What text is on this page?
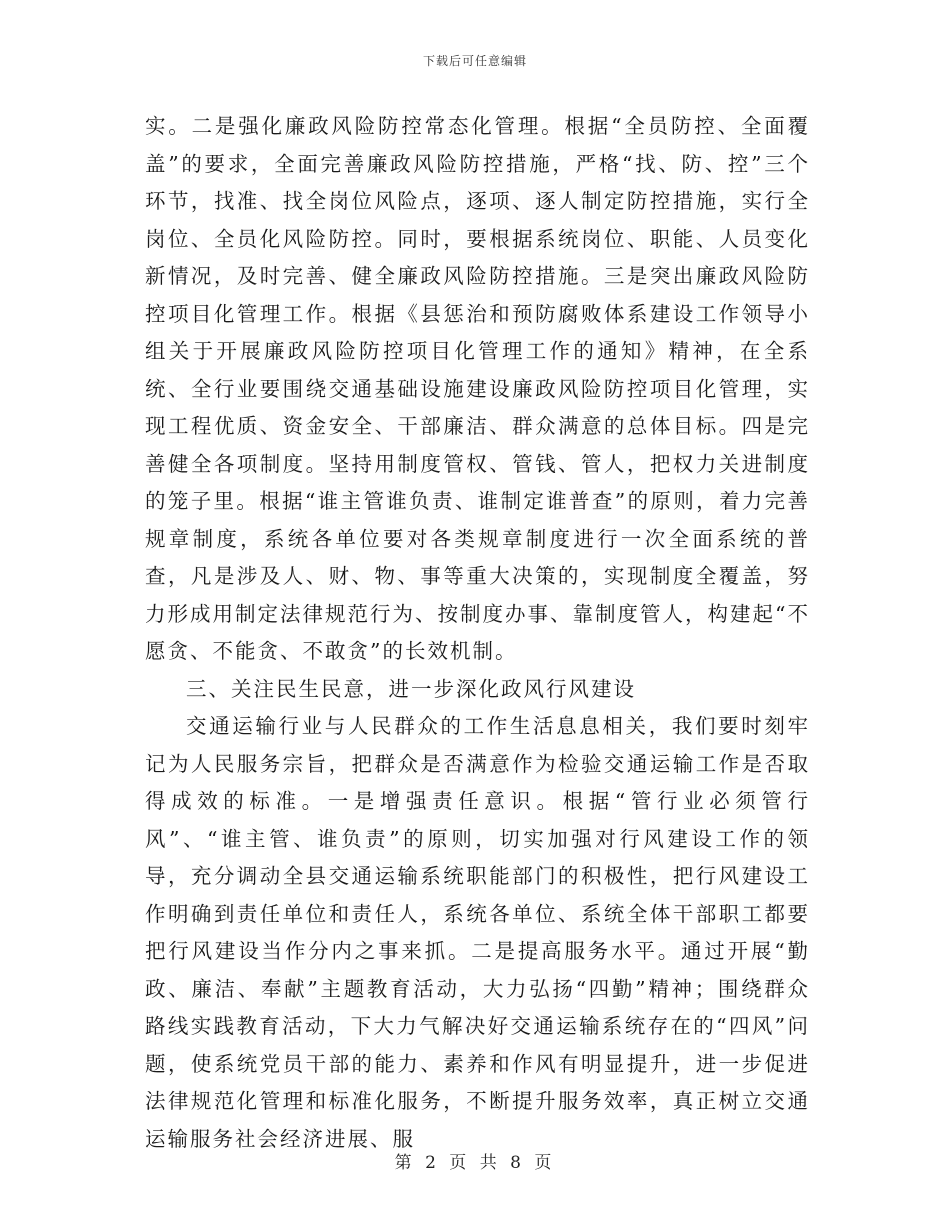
下载后可任意编辑

实。二是强化廉政风险防控常态化管理。根据“全员防控、全面覆盖”的要求，全面完善廉政风险防控措施，严格“找、防、控”三个环节，找准、找全岗位风险点，逐项、逐人制定防控措施，实行全岗位、全员化风险防控。同时，要根据系统岗位、职能、人员变化新情况，及时完善、健全廉政风险防控措施。三是突出廉政风险防控项目化管理工作。根据《县惩治和预防腐败体系建设工作领导小组关于开展廉政风险防控项目化管理工作的通知》精神，在全系统、全行业要围绕交通基础设施建设廉政风险防控项目化管理，实现工程优质、资金安全、干部廉洁、群众满意的总体目标。四是完善健全各项制度。坚持用制度管权、管钱、管人，把权力关进制度的笼子里。根据“谁主管谁负责、谁制定谁普查”的原则，着力完善规章制度，系统各单位要对各类规章制度进行一次全面系统的普查，凡是涉及人、财、物、事等重大决策的，实现制度全覆盖，努力形成用制定法律规范行为、按制度办事、靠制度管人，构建起“不愿贪、不能贪、不敢贪”的长效机制。

三、关注民生民意，进一步深化政风行风建设

交通运输行业与人民群众的工作生活息息相关，我们要时刻牢记为人民服务宗旨，把群众是否满意作为检验交通运输工作是否取得成效的标准。一是增强责任意识。根据“管行业必须管行风”、“谁主管、谁负责”的原则，切实加强对行风建设工作的领导，充分调动全县交通运输系统职能部门的积极性，把行风建设工作明确到责任单位和责任人，系统各单位、系统全体干部职工都要把行风建设当作分内之事来抓。二是提高服务水平。通过开展“勤政、廉洁、奉献”主题教育活动，大力弘扬“四勤”精神；围绕群众路线实践教育活动，下大力气解决好交通运输系统存在的“四风”问题，使系统党员干部的能力、素养和作风有明显提升，进一步促进法律规范化管理和标准化服务，不断提升服务效率，真正树立交通运输服务社会经济进展、服

第 2 页 共 8 页
